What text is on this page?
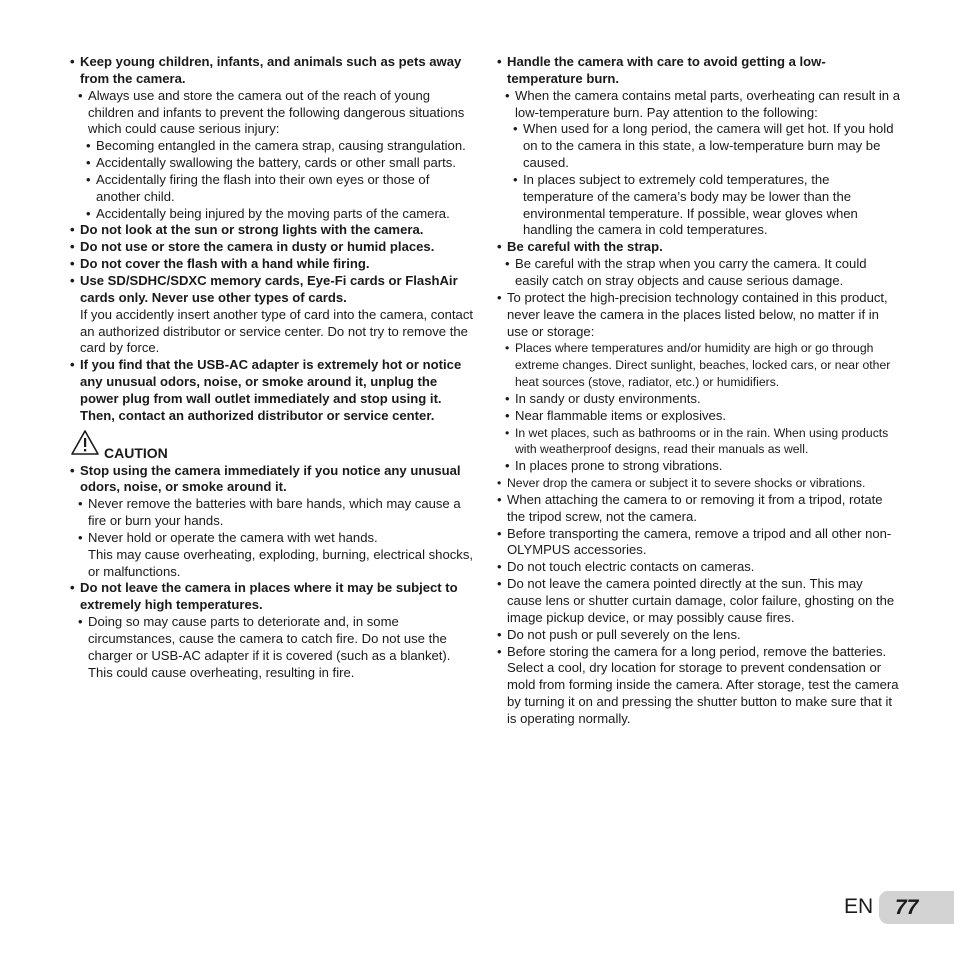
• Keep young children, infants, and animals such as pets away from the camera.
• Always use and store the camera out of the reach of young children and infants to prevent the following dangerous situations which could cause serious injury:
• Becoming entangled in the camera strap, causing strangulation.
• Accidentally swallowing the battery, cards or other small parts.
• Accidentally firing the flash into their own eyes or those of another child.
• Accidentally being injured by the moving parts of the camera.
• Do not look at the sun or strong lights with the camera.
• Do not use or store the camera in dusty or humid places.
• Do not cover the flash with a hand while firing.
• Use SD/SDHC/SDXC memory cards, Eye-Fi cards or FlashAir cards only. Never use other types of cards.
If you accidently insert another type of card into the camera, contact an authorized distributor or service center. Do not try to remove the card by force.
• If you find that the USB-AC adapter is extremely hot or notice any unusual odors, noise, or smoke around it, unplug the power plug from wall outlet immediately and stop using it. Then, contact an authorized distributor or service center.
CAUTION
• Stop using the camera immediately if you notice any unusual odors, noise, or smoke around it.
• Never remove the batteries with bare hands, which may cause a fire or burn your hands.
• Never hold or operate the camera with wet hands.
This may cause overheating, exploding, burning, electrical shocks, or malfunctions.
• Do not leave the camera in places where it may be subject to extremely high temperatures.
• Doing so may cause parts to deteriorate and, in some circumstances, cause the camera to catch fire. Do not use the charger or USB-AC adapter if it is covered (such as a blanket). This could cause overheating, resulting in fire.
• Handle the camera with care to avoid getting a low-temperature burn.
• When the camera contains metal parts, overheating can result in a low-temperature burn. Pay attention to the following:
• When used for a long period, the camera will get hot. If you hold on to the camera in this state, a low-temperature burn may be caused.
• In places subject to extremely cold temperatures, the temperature of the camera’s body may be lower than the environmental temperature. If possible, wear gloves when handling the camera in cold temperatures.
• Be careful with the strap.
• Be careful with the strap when you carry the camera. It could easily catch on stray objects and cause serious damage.
• To protect the high-precision technology contained in this product, never leave the camera in the places listed below, no matter if in use or storage:
• Places where temperatures and/or humidity are high or go through extreme changes. Direct sunlight, beaches, locked cars, or near other heat sources (stove, radiator, etc.) or humidifiers.
• In sandy or dusty environments.
• Near flammable items or explosives.
• In wet places, such as bathrooms or in the rain. When using products with weatherproof designs, read their manuals as well.
• In places prone to strong vibrations.
• Never drop the camera or subject it to severe shocks or vibrations.
• When attaching the camera to or removing it from a tripod, rotate the tripod screw, not the camera.
• Before transporting the camera, remove a tripod and all other non-OLYMPUS accessories.
• Do not touch electric contacts on cameras.
• Do not leave the camera pointed directly at the sun. This may cause lens or shutter curtain damage, color failure, ghosting on the image pickup device, or may possibly cause fires.
• Do not push or pull severely on the lens.
• Before storing the camera for a long period, remove the batteries. Select a cool, dry location for storage to prevent condensation or mold from forming inside the camera. After storage, test the camera by turning it on and pressing the shutter button to make sure that it is operating normally.
EN	77
